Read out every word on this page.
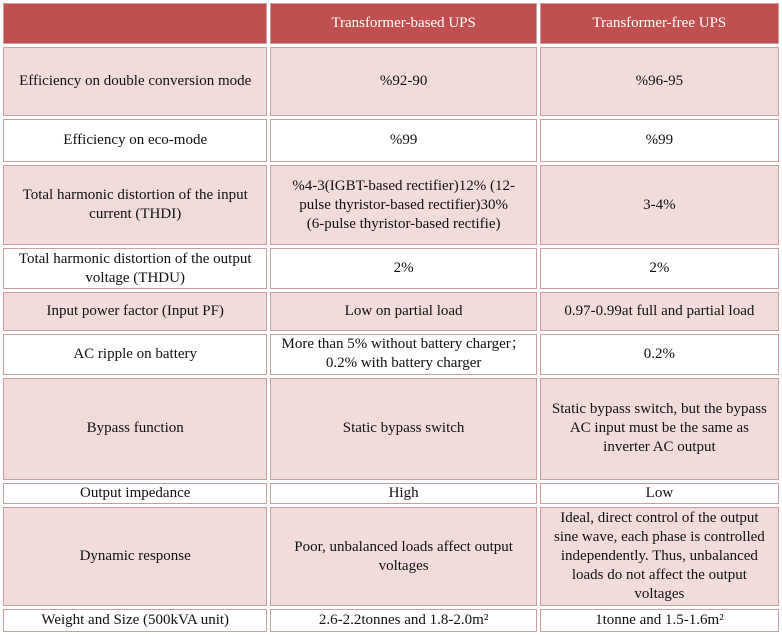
	Transformer-based UPS	Transformer-free UPS
Efficiency on double conversion mode	%92-90	%96-95
Efficiency on eco-mode	%99	%99
Total harmonic distortion of the input current (THDI)	%4-3(IGBT-based rectifier)12% (12-pulse thyristor-based rectifier)30% (6-pulse thyristor-based rectifie)	3-4%
Total harmonic distortion of the output voltage (THDU)	2%	2%
Input power factor (Input PF)	Low on partial load	0.97-0.99at full and partial load
AC ripple on battery	More than 5% without battery charger；0.2% with battery charger	0.2%
Bypass function	Static bypass switch	Static bypass switch, but the bypass AC input must be the same as inverter AC output
Output impedance	High	Low
Dynamic response	Poor, unbalanced loads affect output voltages	Ideal, direct control of the output sine wave, each phase is controlled independently. Thus, unbalanced loads do not affect the output voltages
Weight and Size (500kVA unit)	2.6-2.2tonnes and 1.8-2.0m²	1tonne and 1.5-1.6m²
